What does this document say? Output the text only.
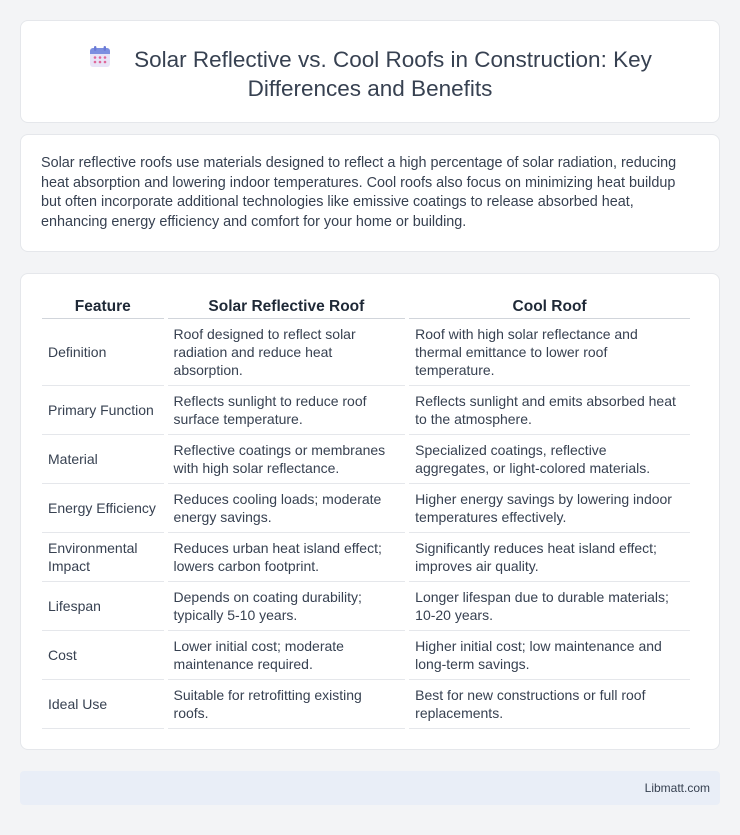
Solar Reflective vs. Cool Roofs in Construction: Key Differences and Benefits

Solar reflective roofs use materials designed to reflect a high percentage of solar radiation, reducing heat absorption and lowering indoor temperatures. Cool roofs also focus on minimizing heat buildup but often incorporate additional technologies like emissive coatings to release absorbed heat, enhancing energy efficiency and comfort for your home or building.

Feature	Solar Reflective Roof	Cool Roof
Definition	Roof designed to reflect solar radiation and reduce heat absorption.	Roof with high solar reflectance and thermal emittance to lower roof temperature.
Primary Function	Reflects sunlight to reduce roof surface temperature.	Reflects sunlight and emits absorbed heat to the atmosphere.
Material	Reflective coatings or membranes with high solar reflectance.	Specialized coatings, reflective aggregates, or light-colored materials.
Energy Efficiency	Reduces cooling loads; moderate energy savings.	Higher energy savings by lowering indoor temperatures effectively.
Environmental Impact	Reduces urban heat island effect; lowers carbon footprint.	Significantly reduces heat island effect; improves air quality.
Lifespan	Depends on coating durability; typically 5-10 years.	Longer lifespan due to durable materials; 10-20 years.
Cost	Lower initial cost; moderate maintenance required.	Higher initial cost; low maintenance and long-term savings.
Ideal Use	Suitable for retrofitting existing roofs.	Best for new constructions or full roof replacements.
Libmatt.com
